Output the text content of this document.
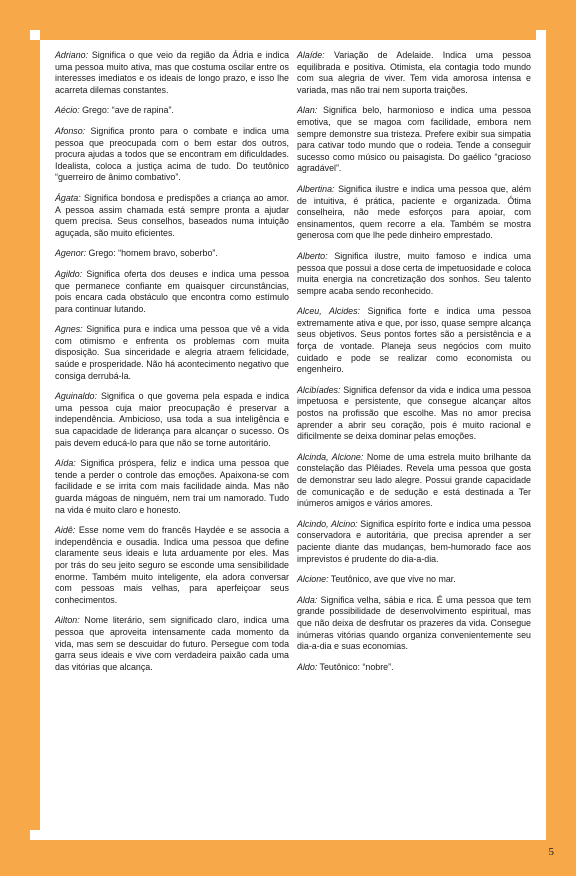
Adriano: Significa o que veio da região da Ádria e indica uma pessoa muito ativa, mas que costuma oscilar entre os interesses imediatos e os ideais de longo prazo, e isso lhe acarreta dilemas constantes.

Aécio: Grego: “ave de rapina”.

Afonso: Significa pronto para o combate e indica uma pessoa que preocupada com o bem estar dos outros, procura ajudas a todos que se encontram em dificuldades. Idealista, coloca a justiça acima de tudo. Do teutônico “guerreiro de ânimo combativo”.

Ágata: Significa bondosa e predispões a criança ao amor. A pessoa assim chamada está sempre pronta a ajudar quem precisa. Seus conselhos, baseados numa intuição aguçada, são muito eficientes.

Agenor: Grego: “homem bravo, soberbo”.

Agildo: Significa oferta dos deuses e indica uma pessoa que permanece confiante em quaisquer circunstâncias, pois encara cada obstáculo que encontra como estímulo para continuar lutando.

Agnes: Significa pura e indica uma pessoa que vê a vida com otimismo e enfrenta os problemas com muita disposição. Sua sinceridade e alegria atraem felicidade, saúde e prosperidade. Não há acontecimento negativo que consiga derrubá-la.

Aguinaldo: Significa o que governa pela espada e indica uma pessoa cuja maior preocupação é preservar a independência. Ambicioso, usa toda a sua inteligência e sua capacidade de liderança para alcançar o sucesso. Os pais devem educá-lo para que não se torne autoritário.

Aída: Significa próspera, feliz e indica uma pessoa que tende a perder o controle das emoções. Apaixona-se com facilidade e se irrita com mais facilidade ainda. Mas não guarda mágoas de ninguém, nem trai um namorado. Tudo na vida é muito claro e honesto.

Aidê: Esse nome vem do francês Haydée e se associa a independência e ousadia. Indica uma pessoa que define claramente seus ideais e luta arduamente por eles. Mas por trás do seu jeito seguro se esconde uma sensibilidade enorme. Também muito inteligente, ela adora conversar com pessoas mais velhas, para aperfeiçoar seus conhecimentos.

Ailton: Nome literário, sem significado claro, indica uma pessoa que aproveita intensamente cada momento da vida, mas sem se descuidar do futuro. Persegue com toda garra seus ideais e vive com verdadeira paixão cada uma das vitórias que alcança.

Alaíde: Variação de Adelaide. Indica uma pessoa equilibrada e positiva. Otimista, ela contagia todo mundo com sua alegria de viver. Tem vida amorosa intensa e variada, mas não trai nem suporta traições.

Alan: Significa belo, harmonioso e indica uma pessoa emotiva, que se magoa com facilidade, embora nem sempre demonstre sua tristeza. Prefere exibir sua simpatia para cativar todo mundo que o rodeia. Tende a conseguir sucesso como músico ou paisagista. Do gaélico “gracioso agradável”.

Albertina: Significa ilustre e indica uma pessoa que, além de intuitiva, é prática, paciente e organizada. Ótima conselheira, não mede esforços para apoiar, com ensinamentos, quem recorre a ela. Também se mostra generosa com que lhe pede dinheiro emprestado.

Alberto: Significa ilustre, muito famoso e indica uma pessoa que possui a dose certa de impetuosidade e coloca muita energia na concretização dos sonhos. Seu talento sempre acaba sendo reconhecido.

Alceu, Alcides: Significa forte e indica uma pessoa extremamente ativa e que, por isso, quase sempre alcança seus objetivos. Seus pontos fortes são a persistência e a força de vontade. Planeja seus negócios com muito cuidado e pode se realizar como economista ou engenheiro.

Alcibíades: Significa defensor da vida e indica uma pessoa impetuosa e persistente, que consegue alcançar altos postos na profissão que escolhe. Mas no amor precisa aprender a abrir seu coração, pois é muito racional e dificilmente se deixa dominar pelas emoções.

Alcinda, Alcione: Nome de uma estrela muito brilhante da constelação das Plêiades. Revela uma pessoa que gosta de demonstrar seu lado alegre. Possui grande capacidade de comunicação e de sedução e está destinada a Ter inúmeros amigos e vários amores.

Alcindo, Alcino: Significa espírito forte e indica uma pessoa conservadora e autoritária, que precisa aprender a ser paciente diante das mudanças, bem-humorado face aos imprevistos é prudente do dia-a-dia.

Alcione: Teutônico, ave que vive no mar.

Alda: Significa velha, sábia e rica. É uma pessoa que tem grande possibilidade de desenvolvimento espiritual, mas que não deixa de desfrutar os prazeres da vida. Consegue inúmeras vitórias quando organiza convenientemente seu dia-a-dia e suas economias.

Aldo: Teutônico: “nobre”.

5
